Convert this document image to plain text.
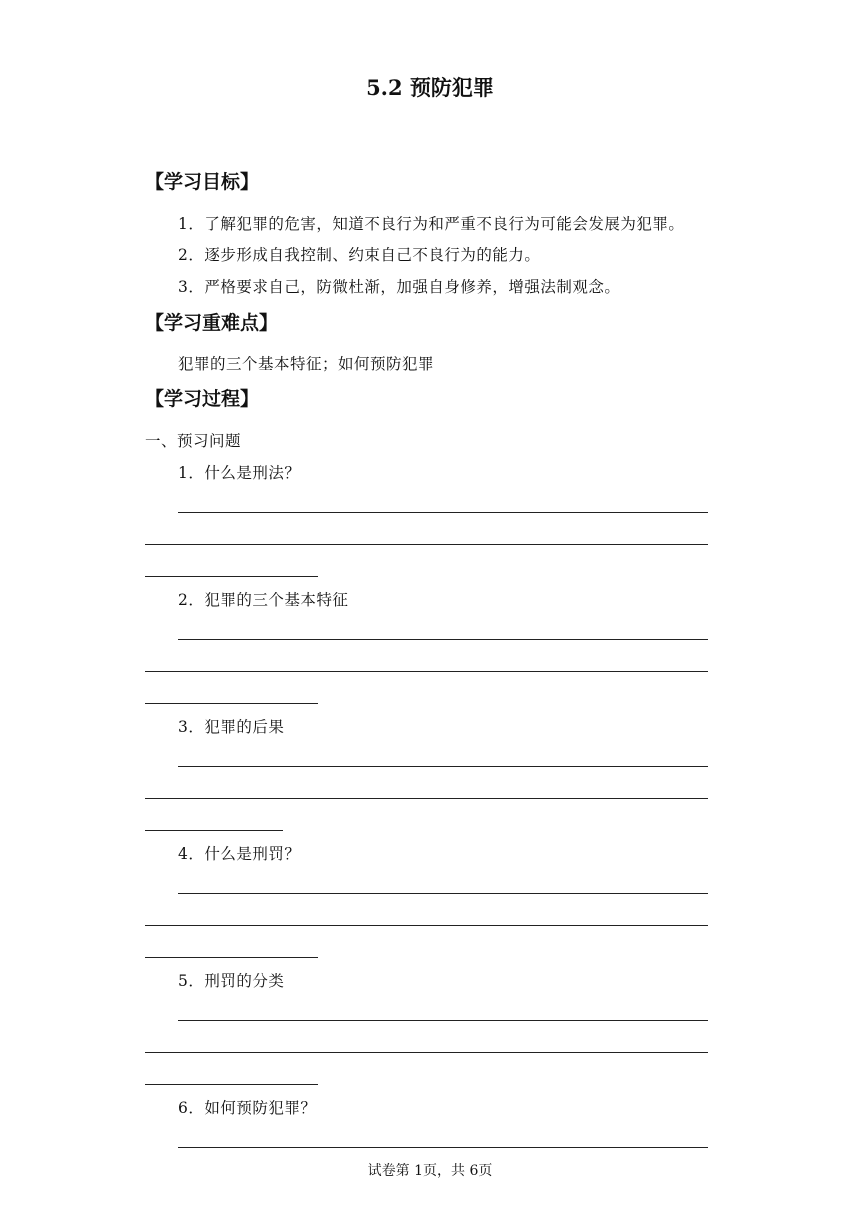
5.2 预防犯罪
【学习目标】
1．了解犯罪的危害，知道不良行为和严重不良行为可能会发展为犯罪。
2．逐步形成自我控制、约束自己不良行为的能力。
3．严格要求自己，防微杜渐，加强自身修养，增强法制观念。
【学习重难点】
犯罪的三个基本特征；如何预防犯罪
【学习过程】
一、预习问题
1．什么是刑法？
2．犯罪的三个基本特征
3．犯罪的后果
4．什么是刑罚？
5．刑罚的分类
6．如何预防犯罪？
试卷第 1页，共 6页
